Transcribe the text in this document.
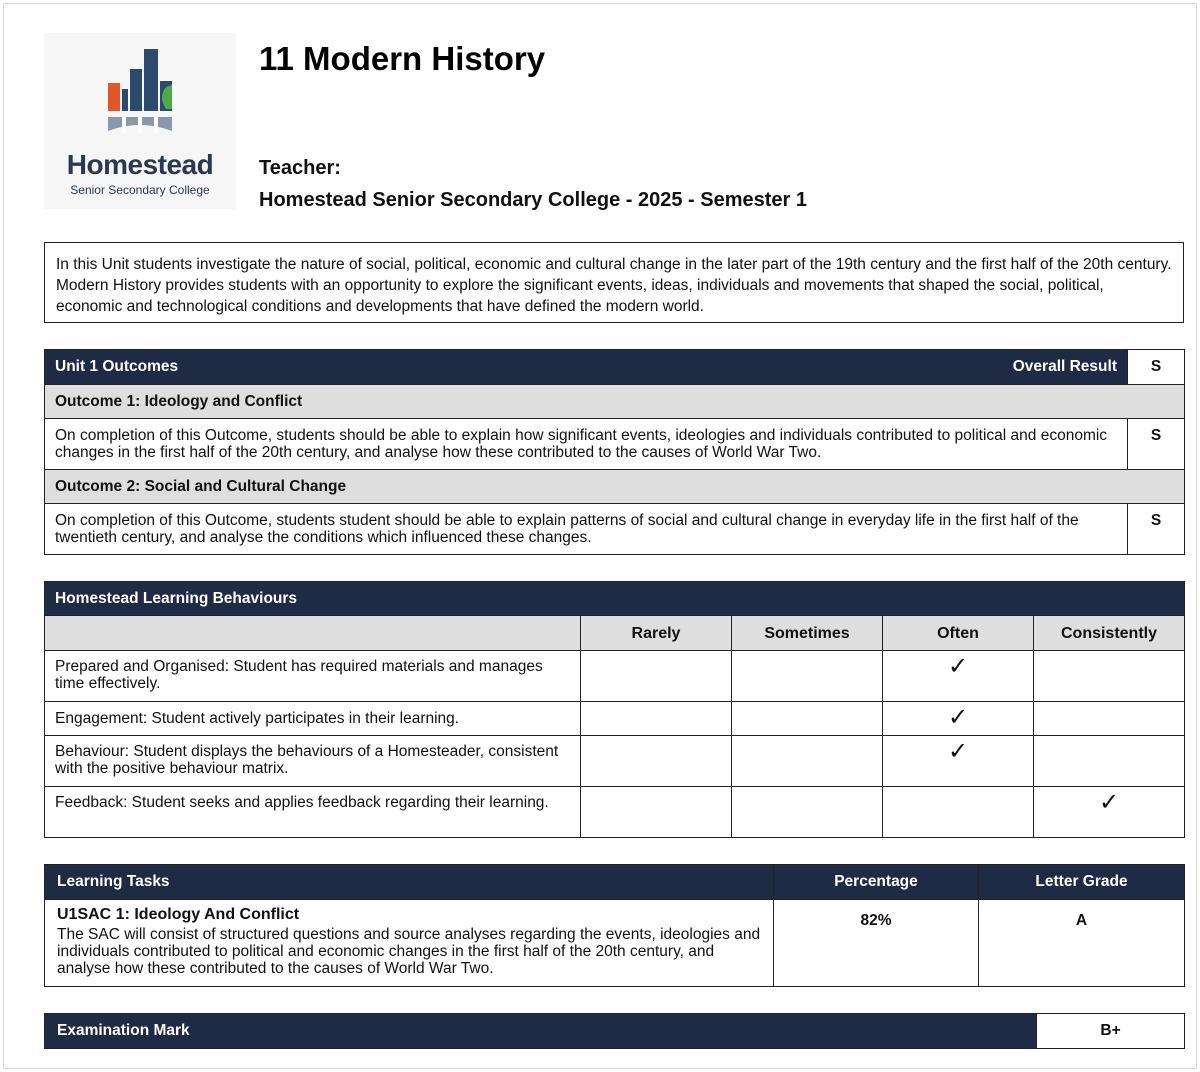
Homestead
Senior Secondary College
11 Modern History
Teacher:
Homestead Senior Secondary College - 2025 - Semester 1
In this Unit students investigate the nature of social, political, economic and cultural change in the later part of the 19th century and the first half of the 20th century. Modern History provides students with an opportunity to explore the significant events, ideas, individuals and movements that shaped the social, political, economic and technological conditions and developments that have defined the modern world.
Unit 1 Outcomes Overall Result	S
Outcome 1: Ideology and Conflict	
On completion of this Outcome, students should be able to explain how significant events, ideologies and individuals contributed to political and economic changes in the first half of the 20th century, and analyse how these contributed to the causes of World War Two.	S
Outcome 2: Social and Cultural Change	
On completion of this Outcome, students student should be able to explain patterns of social and cultural change in everyday life in the first half of the twentieth century, and analyse the conditions which influenced these changes.	S
Homestead Learning Behaviours				
	Rarely	Sometimes	Often	Consistently
Prepared and Organised: Student has required materials and manages time effectively.			✓	
Engagement: Student actively participates in their learning.			✓	
Behaviour: Student displays the behaviours of a Homesteader, consistent with the positive behaviour matrix.			✓	
Feedback: Student seeks and applies feedback regarding their learning.				✓
Learning Tasks	Percentage	Letter Grade

U1SAC 1: Ideology And Conflict
The SAC will consist of structured questions and source analyses regarding the events, ideologies and individuals contributed to political and economic changes in the first half of the 20th century, and analyse how these contributed to the causes of World War Two.	82%	A
Examination Mark	B+
